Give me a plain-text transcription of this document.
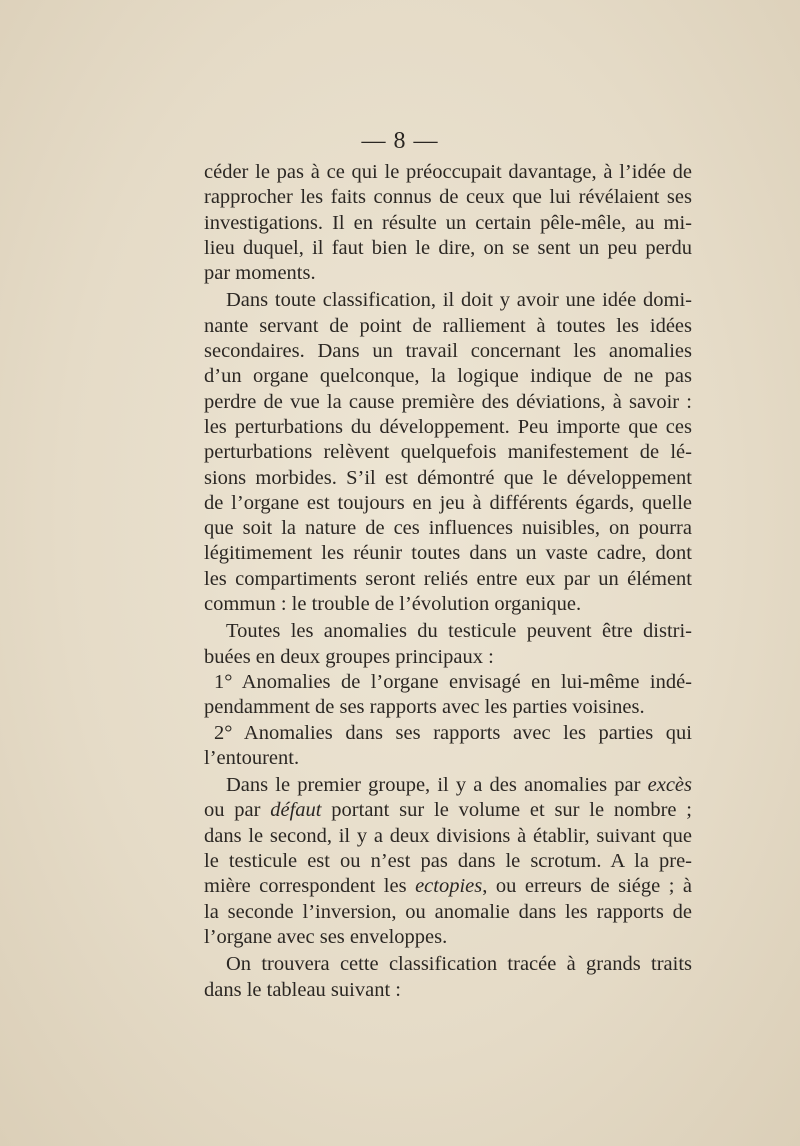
— 8 —
céder le pas à ce qui le préoccupait davantage, à l’idée de
rapprocher les faits connus de ceux que lui révélaient ses
investigations. Il en résulte un certain pêle-mêle, au mi-
lieu duquel, il faut bien le dire, on se sent un peu perdu
par moments.
Dans toute classification, il doit y avoir une idée domi-
nante servant de point de ralliement à toutes les idées
secondaires. Dans un travail concernant les anomalies
d’un organe quelconque, la logique indique de ne pas
perdre de vue la cause première des déviations, à savoir :
les perturbations du développement. Peu importe que ces
perturbations relèvent quelquefois manifestement de lé-
sions morbides. S’il est démontré que le développement
de l’organe est toujours en jeu à différents égards, quelle
que soit la nature de ces influences nuisibles, on pourra
légitimement les réunir toutes dans un vaste cadre, dont
les compartiments seront reliés entre eux par un élément
commun : le trouble de l’évolution organique.
Toutes les anomalies du testicule peuvent être distri-
buées en deux groupes principaux :
1° Anomalies de l’organe envisagé en lui-même indé-
pendamment de ses rapports avec les parties voisines.
2° Anomalies dans ses rapports avec les parties qui
l’entourent.
Dans le premier groupe, il y a des anomalies par excès
ou par défaut portant sur le volume et sur le nombre ;
dans le second, il y a deux divisions à établir, suivant que
le testicule est ou n’est pas dans le scrotum. A la pre-
mière correspondent les ectopies, ou erreurs de siége ; à
la seconde l’inversion, ou anomalie dans les rapports de
l’organe avec ses enveloppes.
On trouvera cette classification tracée à grands traits
dans le tableau suivant :
